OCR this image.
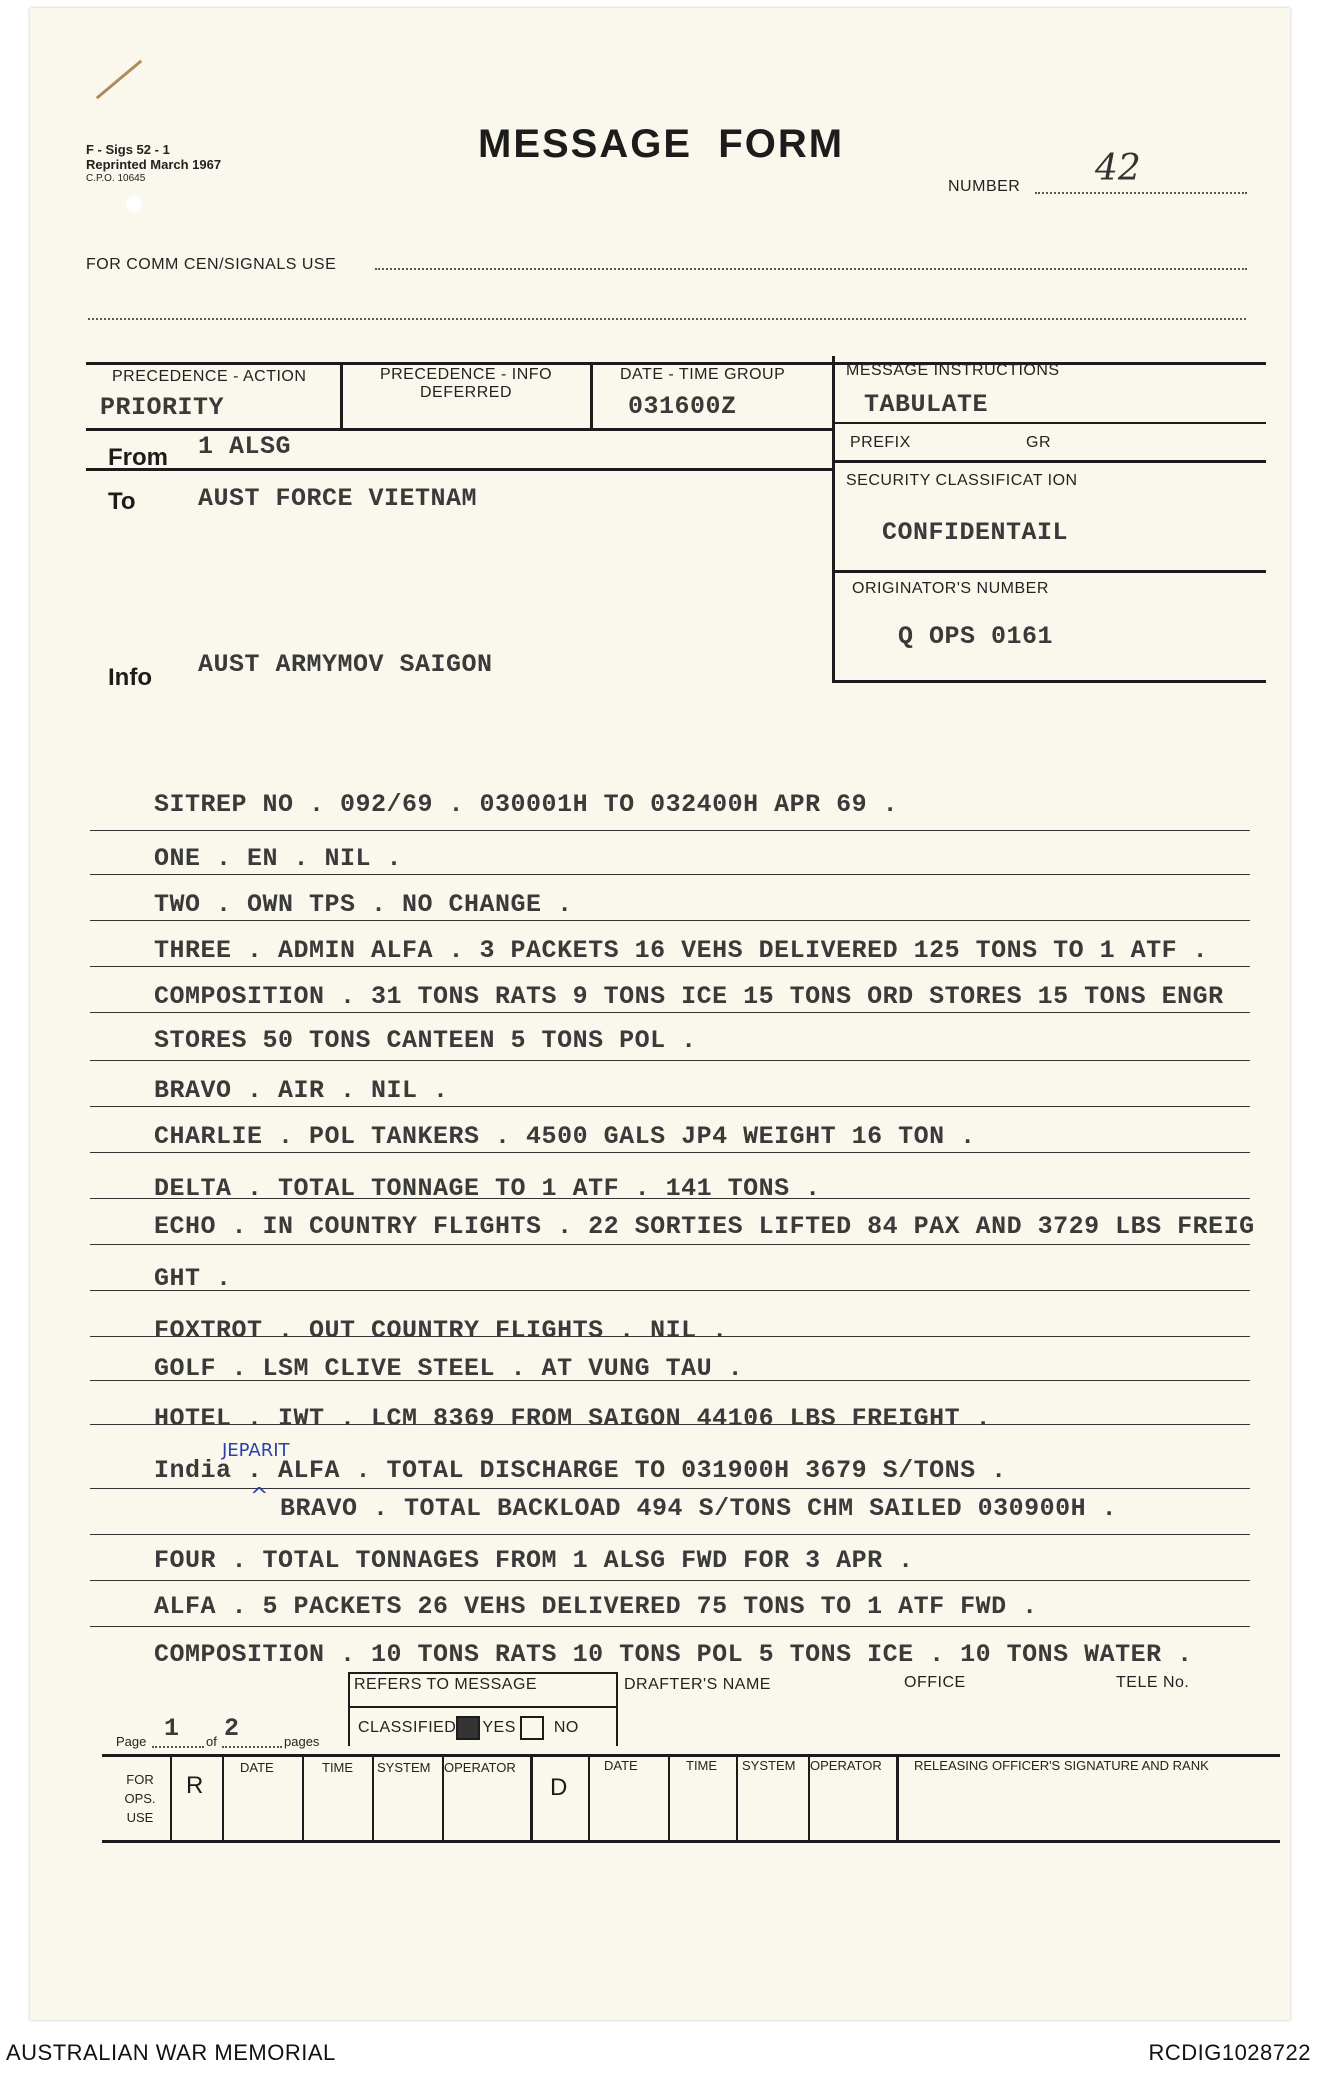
F - Sigs 52 - 1
Reprinted March 1967
C.P.O. 10645
MESSAGE  FORM
NUMBER 42
FOR COMM CEN/SIGNALS USE
PRECEDENCE - ACTION
PRIORITY
PRECEDENCE - INFO
DEFERRED
DATE - TIME GROUP
031600Z
MESSAGE INSTRUCTIONS
TABULATE
PREFIX	GR
SECURITY CLASSIFICAT ION
CONFIDENTAIL
ORIGINATOR'S NUMBER
Q OPS 0161
From 1 ALSG
To AUST FORCE VIETNAM
Info AUST ARMYMOV SAIGON
SITREP NO . 092/69 . 030001H TO 032400H APR 69 .
ONE . EN . NIL .
TWO . OWN TPS . NO CHANGE .
THREE . ADMIN ALFA . 3 PACKETS 16 VEHS DELIVERED 125 TONS TO 1 ATF .
COMPOSITION . 31 TONS RATS 9 TONS ICE 15 TONS ORD STORES 15 TONS ENGR
STORES 50 TONS CANTEEN 5 TONS POL .
BRAVO . AIR . NIL .
CHARLIE . POL TANKERS . 4500 GALS JP4 WEIGHT 16 TON .
DELTA . TOTAL TONNAGE TO 1 ATF . 141 TONS .
ECHO . IN COUNTRY FLIGHTS . 22 SORTIES LIFTED 84 PAX AND 3729 LBS FREIG
GHT .
FOXTROT . OUT COUNTRY FLIGHTS . NIL .
GOLF . LSM CLIVE STEEL . AT VUNG TAU .
HOTEL . IWT . LCM 8369 FROM SAIGON 44106 LBS FREIGHT .
India . ALFA . TOTAL DISCHARGE TO 031900H 3679 S/TONS .
BRAVO . TOTAL BACKLOAD 494 S/TONS CHM SAILED 030900H .
FOUR . TOTAL TONNAGES FROM 1 ALSG FWD FOR 3 APR .
ALFA . 5 PACKETS 26 VEHS DELIVERED 75 TONS TO 1 ATF FWD .
COMPOSITION . 10 TONS RATS 10 TONS POL 5 TONS ICE . 10 TONS WATER .
JEPARIT
^
REFERS TO MESSAGE
CLASSIFIED YES NO
DRAFTER'S NAME	OFFICE	TELE No.
Page	of	pages
1 2
FOR OPS. USE
R
DATE	TIME SYSTEM OPERATOR
D
DATE	TIME SYSTEM OPERATOR RELEASING OFFICER'S SIGNATURE AND RANK
AUSTRALIAN WAR MEMORIAL	RCDIG1028722
